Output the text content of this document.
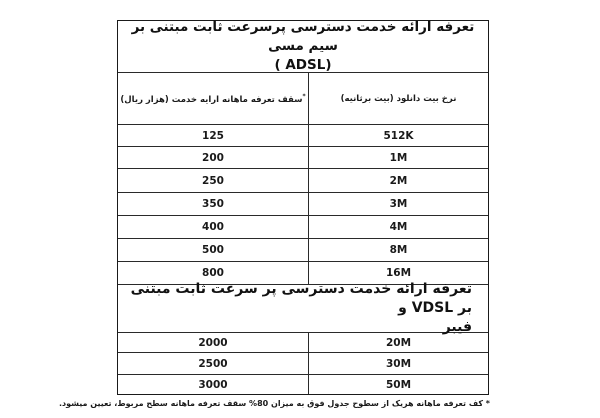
تعرفه ارائه خدمت دسترسی پرسرعت ثابت مبتنی بر سیم مسی
( ADSL)
*سقف تعرفه ماهانه ارایه خدمت (هزار ریال)	نرخ بیت دانلود (بیت برثانیه)
125	512K
200	1M
250	2M
350	3M
400	4M
500	8M
800	16M
تعرفه ارائه خدمت دسترسی پر سرعت ثابت مبتنی بر VDSL و
فیبر
2000	20M
2500	30M
3000	50M
* کف تعرفه ماهانه هریک از سطوح جدول فوق به میزان 80% سقف تعرفه ماهانه سطح مربوط، تعیین میشود.
